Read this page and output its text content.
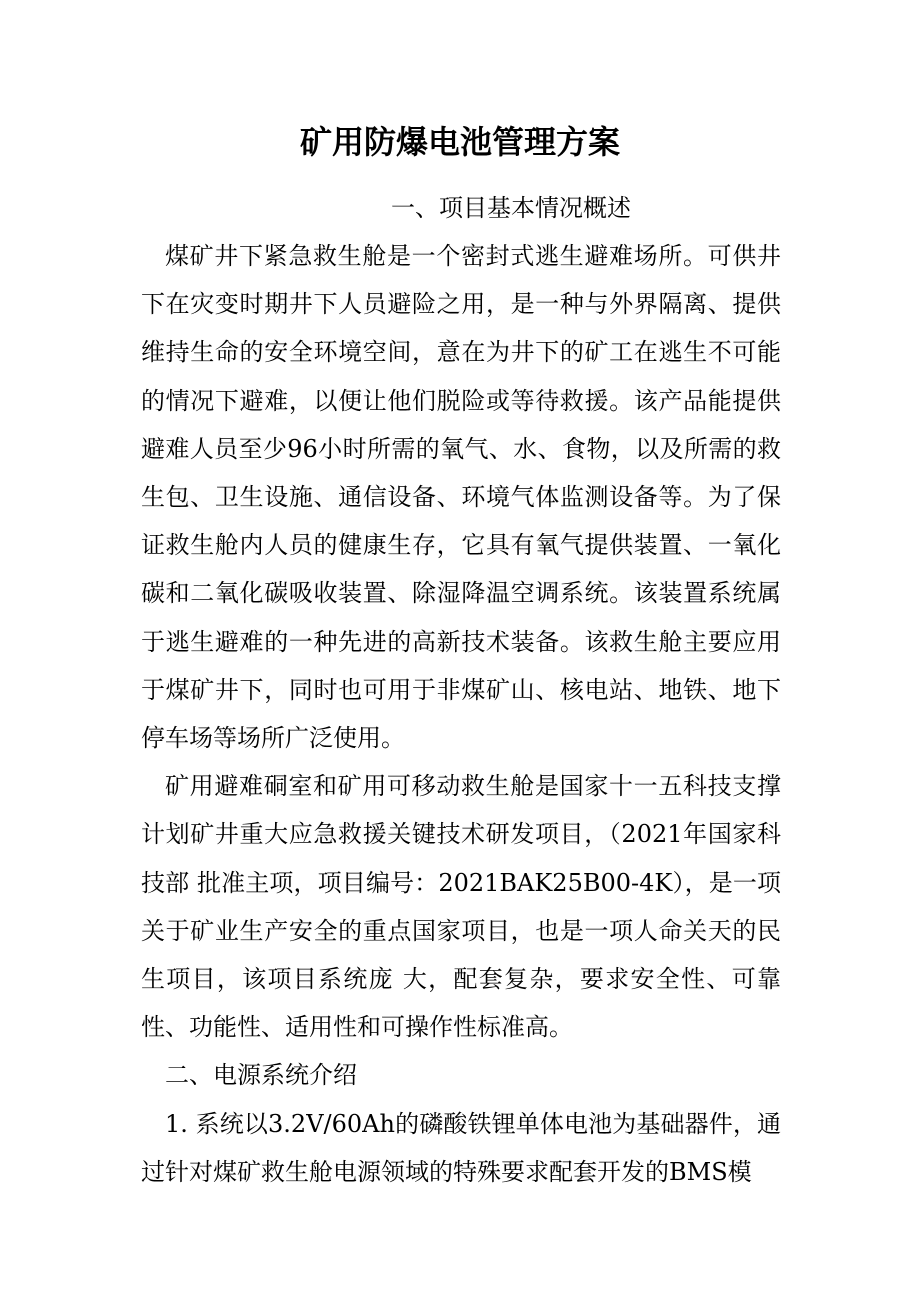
矿用防爆电池管理方案
一、项目基本情况概述

煤矿井下紧急救生舱是一个密封式逃生避难场所。可供井下在灾变时期井下人员避险之用，是一种与外界隔离、提供维持生命的安全环境空间，意在为井下的矿工在逃生不可能的情况下避难，以便让他们脱险或等待救援。该产品能提供避难人员至少96小时所需的氧气、水、食物，以及所需的救生包、卫生设施、通信设备、环境气体监测设备等。为了保证救生舱内人员的健康生存，它具有氧气提供装置、一氧化碳和二氧化碳吸收装置、除湿降温空调系统。该装置系统属于逃生避难的一种先进的高新技术装备。该救生舱主要应用于煤矿井下，同时也可用于非煤矿山、核电站、地铁、地下停车场等场所广泛使用。

矿用避难硐室和矿用可移动救生舱是国家十一五科技支撑计划矿井重大应急救援关键技术研发项目，（2021年国家科技部 批准主项，项目编号：2021BAK25B00-4K），是一项关于矿业生产安全的重点国家项目，也是一项人命关天的民生项目，该项目系统庞 大，配套复杂，要求安全性、可靠性、功能性、适用性和可操作性标准高。

二、电源系统介绍

1. 系统以3.2V/60Ah的磷酸铁锂单体电池为基础器件，通过针对煤矿救生舱电源领域的特殊要求配套开发的BMS模
